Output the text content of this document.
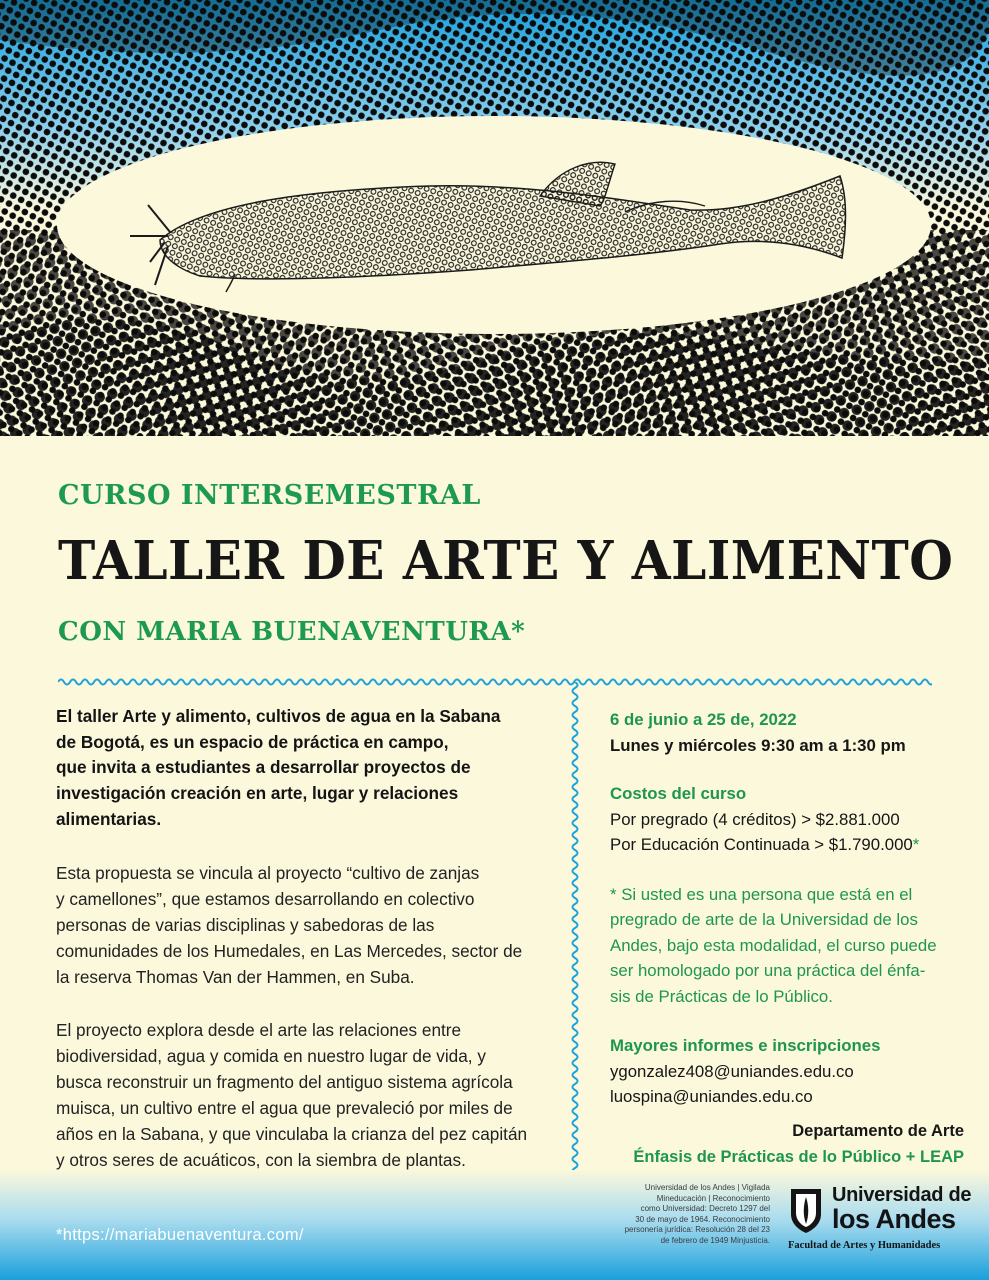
CURSO INTERSEMESTRAL
TALLER DE ARTE Y ALIMENTO
CON MARIA BUENAVENTURA*

El taller Arte y alimento, cultivos de agua en la Sabana
de Bogotá, es un espacio de práctica en campo,
que invita a estudiantes a desarrollar proyectos de
investigación creación en arte, lugar y relaciones
alimentarias.

Esta propuesta se vincula al proyecto “cultivo de zanjas
y camellones”, que estamos desarrollando en colectivo
personas de varias disciplinas y sabedoras de las
comunidades de los Humedales, en Las Mercedes, sector de
la reserva Thomas Van der Hammen, en Suba.

El proyecto explora desde el arte las relaciones entre
biodiversidad, agua y comida en nuestro lugar de vida, y
busca reconstruir un fragmento del antiguo sistema agrícola
muisca, un cultivo entre el agua que prevaleció por miles de
años en la Sabana, y que vinculaba la crianza del pez capitán
y otros seres de acuáticos, con la siembra de plantas.

6 de junio a 25 de, 2022
Lunes y miércoles 9:30 am a 1:30 pm

Costos del curso
Por pregrado (4 créditos) > $2.881.000
Por Educación Continuada > $1.790.000*

* Si usted es una persona que está en el
pregrado de arte de la Universidad de los
Andes, bajo esta modalidad, el curso puede
ser homologado por una práctica del énfa-
sis de Prácticas de lo Público.

Mayores informes e inscripciones
ygonzalez408@uniandes.edu.co
luospina@uniandes.edu.co

Departamento de Arte
Énfasis de Prácticas de lo Público + LEAP
*https://mariabuenaventura.com/
Universidad de los Andes | Vigilada
Mineducación | Reconocimiento
como Universidad: Decreto 1297 del
30 de mayo de 1964. Reconocimiento
personería jurídica: Resolución 28 del 23
de febrero de 1949 Minjusticia.
Universidad de
los Andes
Facultad de Artes y Humanidades
